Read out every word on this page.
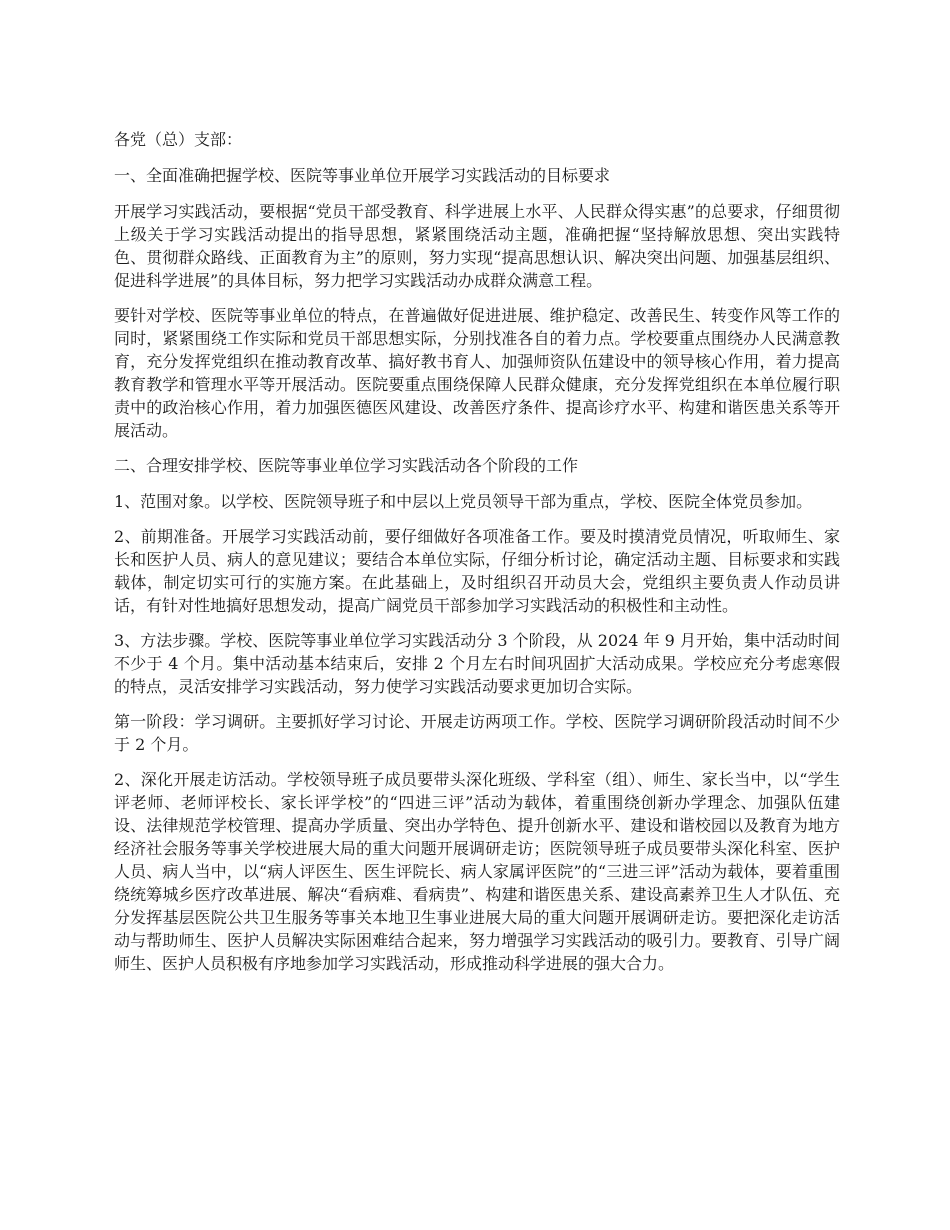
各党（总）支部：

一、全面准确把握学校、医院等事业单位开展学习实践活动的目标要求

开展学习实践活动，要根据“党员干部受教育、科学进展上水平、人民群众得实惠”的总要求，仔细贯彻上级关于学习实践活动提出的指导思想，紧紧围绕活动主题，准确把握“坚持解放思想、突出实践特色、贯彻群众路线、正面教育为主”的原则，努力实现“提高思想认识、解决突出问题、加强基层组织、促进科学进展”的具体目标，努力把学习实践活动办成群众满意工程。

要针对学校、医院等事业单位的特点，在普遍做好促进进展、维护稳定、改善民生、转变作风等工作的同时，紧紧围绕工作实际和党员干部思想实际，分别找准各自的着力点。学校要重点围绕办人民满意教育，充分发挥党组织在推动教育改革、搞好教书育人、加强师资队伍建设中的领导核心作用，着力提高教育教学和管理水平等开展活动。医院要重点围绕保障人民群众健康，充分发挥党组织在本单位履行职责中的政治核心作用，着力加强医德医风建设、改善医疗条件、提高诊疗水平、构建和谐医患关系等开展活动。

二、合理安排学校、医院等事业单位学习实践活动各个阶段的工作

1、范围对象。以学校、医院领导班子和中层以上党员领导干部为重点，学校、医院全体党员参加。

2、前期准备。开展学习实践活动前，要仔细做好各项准备工作。要及时摸清党员情况，听取师生、家长和医护人员、病人的意见建议；要结合本单位实际，仔细分析讨论，确定活动主题、目标要求和实践载体，制定切实可行的实施方案。在此基础上，及时组织召开动员大会，党组织主要负责人作动员讲话，有针对性地搞好思想发动，提高广阔党员干部参加学习实践活动的积极性和主动性。

3、方法步骤。学校、医院等事业单位学习实践活动分 3 个阶段，从 2024 年 9 月开始，集中活动时间不少于 4 个月。集中活动基本结束后，安排 2 个月左右时间巩固扩大活动成果。学校应充分考虑寒假的特点，灵活安排学习实践活动，努力使学习实践活动要求更加切合实际。

第一阶段：学习调研。主要抓好学习讨论、开展走访两项工作。学校、医院学习调研阶段活动时间不少于 2 个月。

2、深化开展走访活动。学校领导班子成员要带头深化班级、学科室（组）、师生、家长当中，以“学生评老师、老师评校长、家长评学校”的“四进三评”活动为载体，着重围绕创新办学理念、加强队伍建设、法律规范学校管理、提高办学质量、突出办学特色、提升创新水平、建设和谐校园以及教育为地方经济社会服务等事关学校进展大局的重大问题开展调研走访；医院领导班子成员要带头深化科室、医护人员、病人当中，以“病人评医生、医生评院长、病人家属评医院”的“三进三评”活动为载体，要着重围绕统筹城乡医疗改革进展、解决“看病难、看病贵”、构建和谐医患关系、建设高素养卫生人才队伍、充分发挥基层医院公共卫生服务等事关本地卫生事业进展大局的重大问题开展调研走访。要把深化走访活动与帮助师生、医护人员解决实际困难结合起来，努力增强学习实践活动的吸引力。要教育、引导广阔师生、医护人员积极有序地参加学习实践活动，形成推动科学进展的强大合力。
